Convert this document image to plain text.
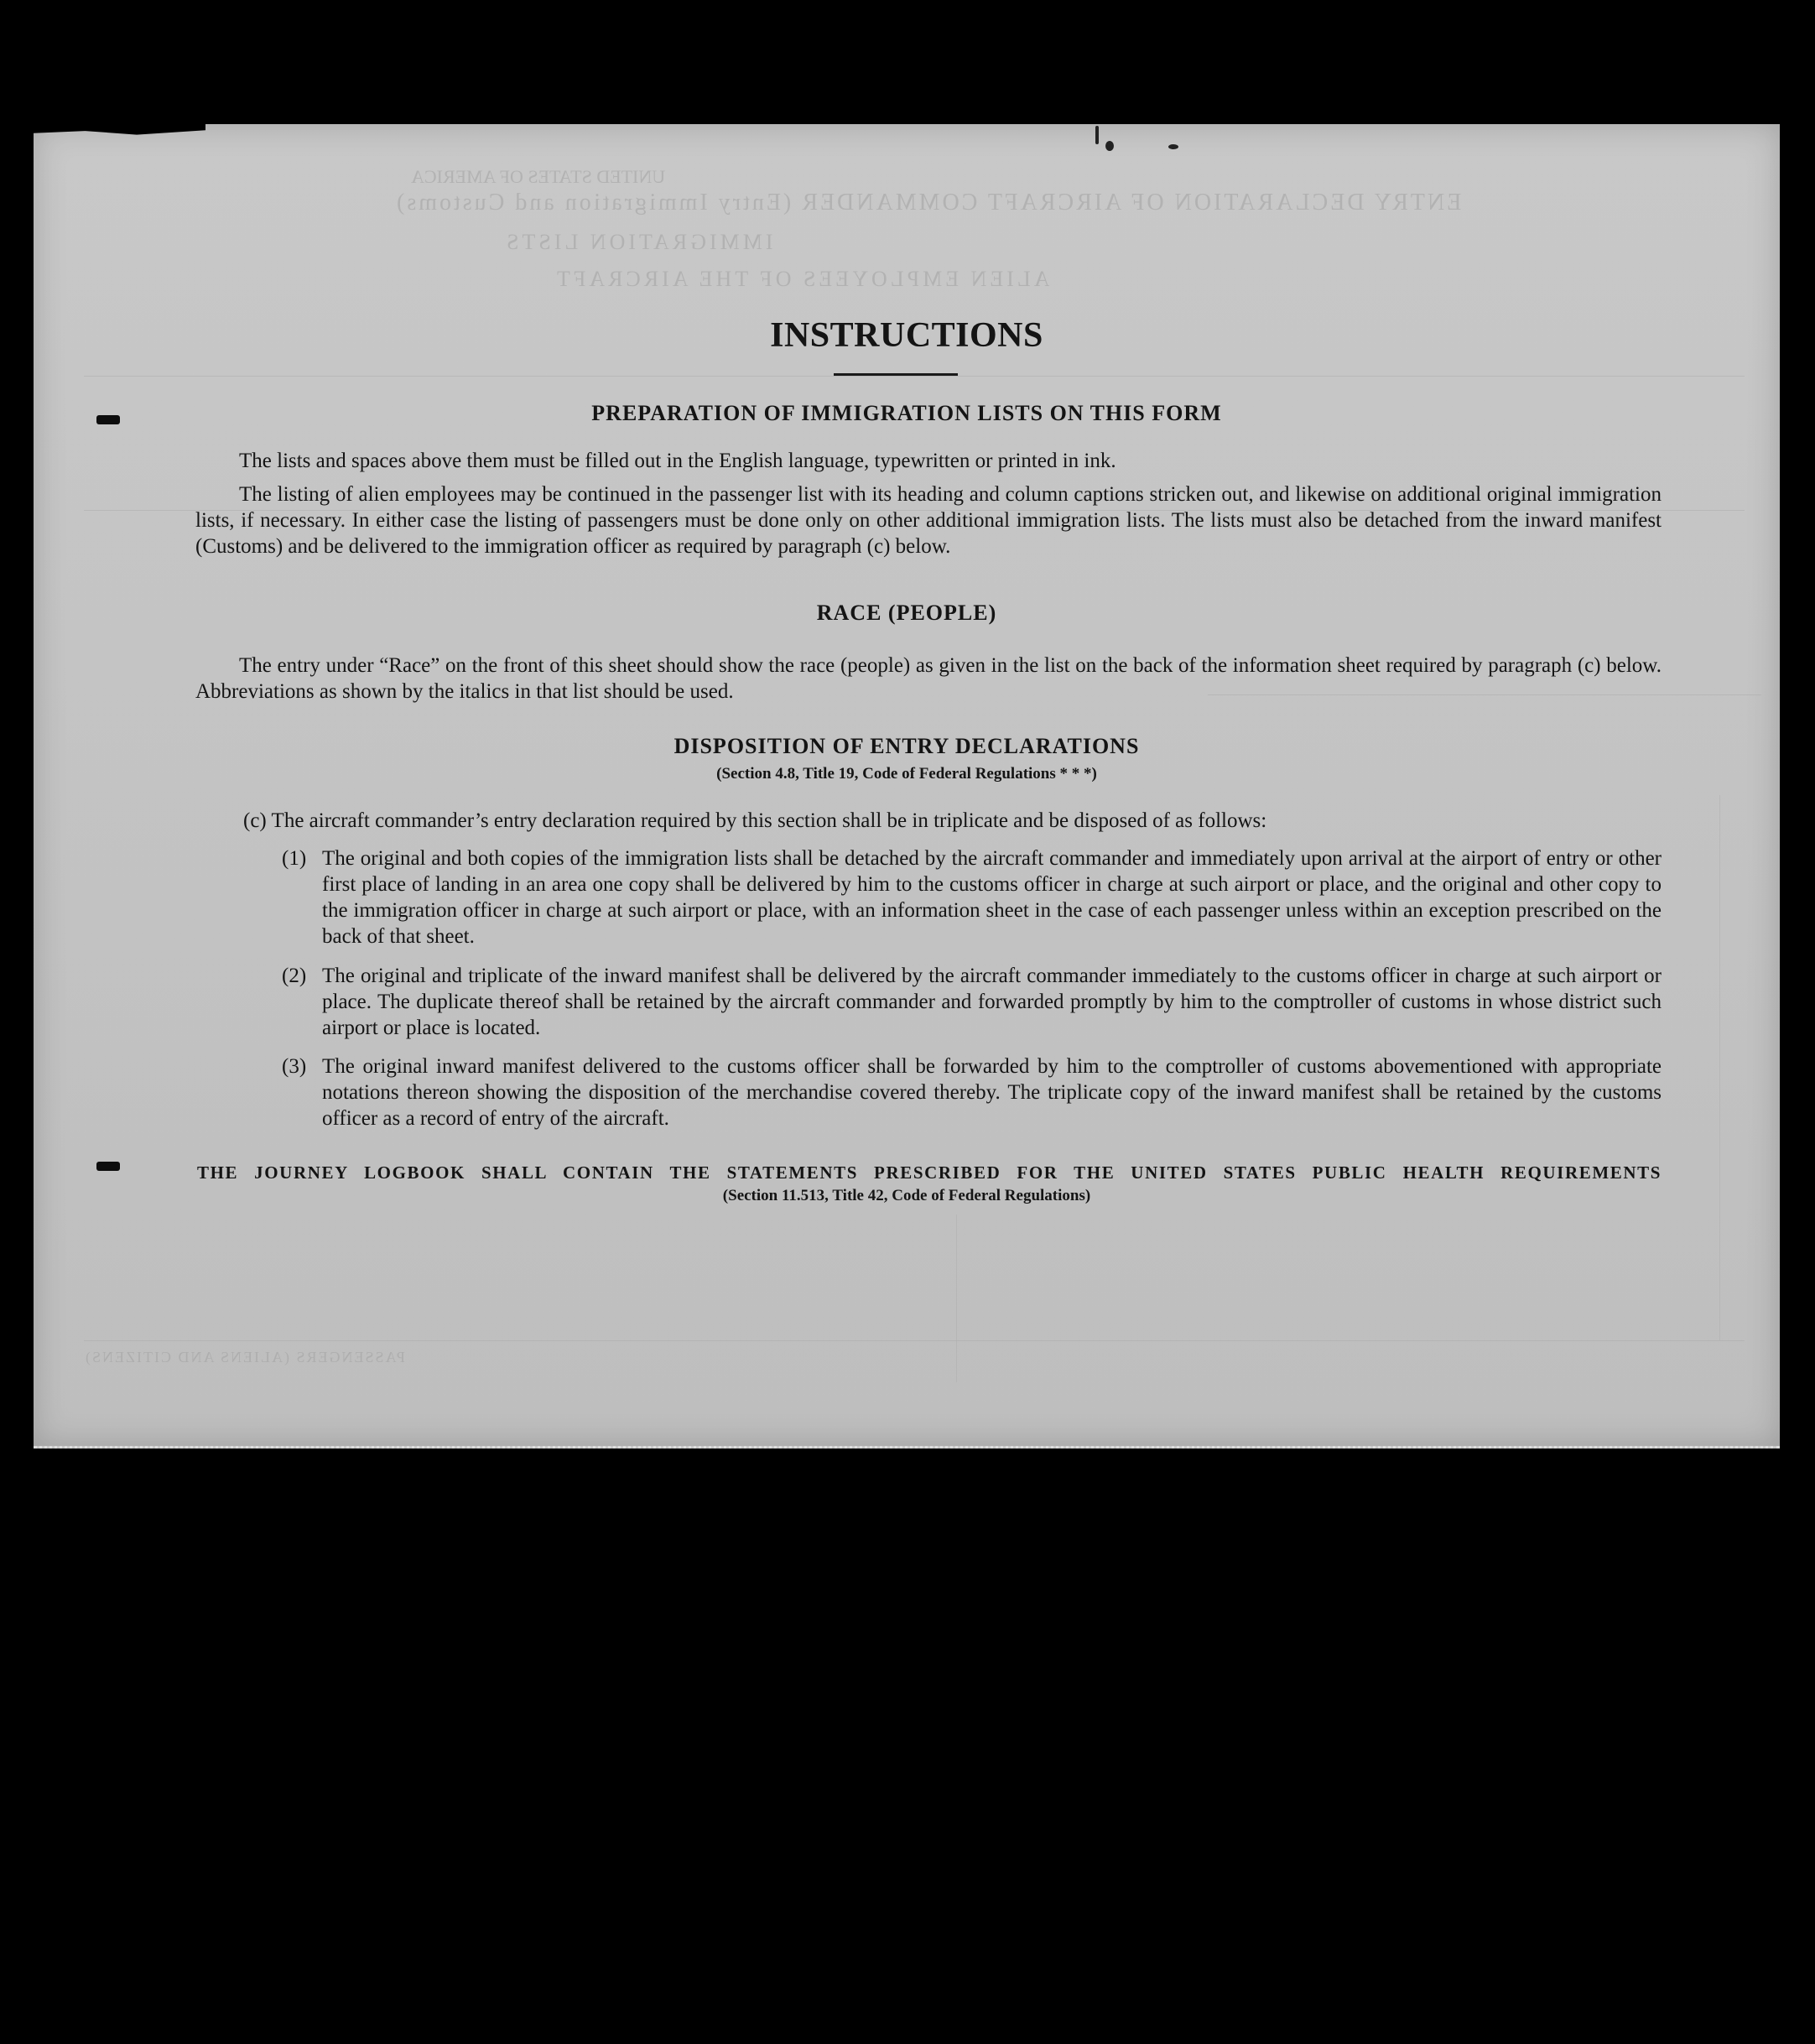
UNITED STATES OF AMERICA
ENTRY DECLARATION OF AIRCRAFT COMMANDER (Entry Immigration and Customs)
IMMIGRATION LISTS
ALIEN EMPLOYEES OF THE AIRCRAFT
PASSENGERS (ALIENS AND CITIZENS)
INSTRUCTIONS
PREPARATION OF IMMIGRATION LISTS ON THIS FORM
The lists and spaces above them must be filled out in the English language, typewritten or printed in ink.
The listing of alien employees may be continued in the passenger list with its heading and column captions stricken out, and likewise on additional original immigration lists, if necessary. In either case the listing of passengers must be done only on other additional immigration lists. The lists must also be detached from the inward manifest (Customs) and be delivered to the immigration officer as required by paragraph (c) below.
RACE (PEOPLE)
The entry under “Race” on the front of this sheet should show the race (people) as given in the list on the back of the information sheet required by paragraph (c) below. Abbreviations as shown by the italics in that list should be used.
DISPOSITION OF ENTRY DECLARATIONS
(Section 4.8, Title 19, Code of Federal Regulations * * *)
(c) The aircraft commander’s entry declaration required by this section shall be in triplicate and be disposed of as follows:
(1) The original and both copies of the immigration lists shall be detached by the aircraft commander and immediately upon arrival at the airport of entry or other first place of landing in an area one copy shall be delivered by him to the customs officer in charge at such airport or place, and the original and other copy to the immigration officer in charge at such airport or place, with an information sheet in the case of each passenger unless within an exception prescribed on the back of that sheet.
(2) The original and triplicate of the inward manifest shall be delivered by the aircraft commander immediately to the customs officer in charge at such airport or place. The duplicate thereof shall be retained by the aircraft commander and forwarded promptly by him to the comptroller of customs in whose district such airport or place is located.
(3) The original inward manifest delivered to the customs officer shall be forwarded by him to the comptroller of customs abovementioned with appropriate notations thereon showing the disposition of the merchandise covered thereby. The triplicate copy of the inward manifest shall be retained by the customs officer as a record of entry of the aircraft.
THE JOURNEY LOGBOOK SHALL CONTAIN THE STATEMENTS PRESCRIBED FOR THE UNITED STATES PUBLIC HEALTH REQUIREMENTS
(Section 11.513, Title 42, Code of Federal Regulations)
